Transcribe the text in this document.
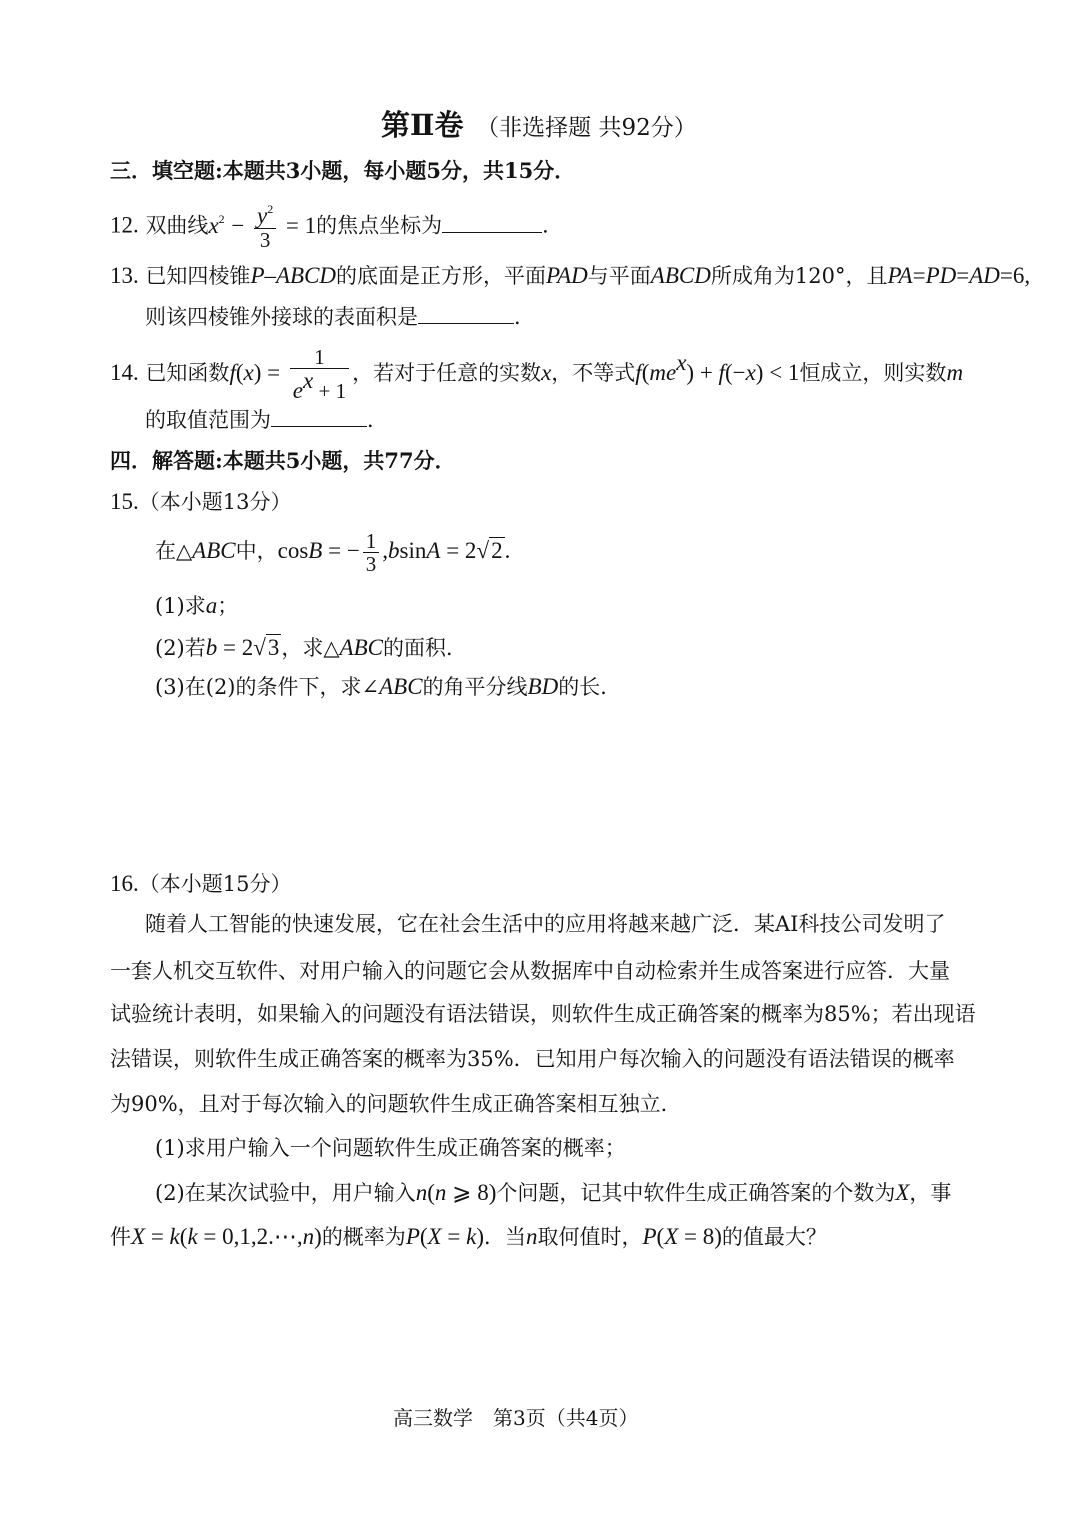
第Ⅱ卷 （非选择题 共92分）
三．填空题:本题共3小题，每小题5分，共15分．
12. 双曲线$x^2 - \frac{y^2}{3} = 1$的焦点坐标为	．
13. 已知四棱锥P–ABCD的底面是正方形，平面PAD与平面ABCD所成角为120°，且PA=PD=AD=6,
则该四棱锥外接球的表面积是	．
14. 已知函数$f(x) = \frac{1}{e^x + 1}$ ，若对于任意的实数x，不等式$f(me^x) + f(-x) < 1$恒成立，则实数m
的取值范围为	．
四．解答题:本题共5小题，共77分．
15.（本小题13分）
在△ABC中，cosB = − $\frac{1}{3} ,bsinA = 2√2$.
(1)求a；
(2)若b = 2√3，求△ABC的面积．
(3)在(2)的条件下，求∠ABC的角平分线BD的长．
16.（本小题15分）
随着人工智能的快速发展，它在社会生活中的应用将越来越广泛．某AI科技公司发明了
一套人机交互软件、对用户输入的问题它会从数据库中自动检索并生成答案进行应答．大量
试验统计表明，如果输入的问题没有语法错误，则软件生成正确答案的概率为85%；若出现语
法错误，则软件生成正确答案的概率为35%．已知用户每次输入的问题没有语法错误的概率
为90%，且对于每次输入的问题软件生成正确答案相互独立．
(1)求用户输入一个问题软件生成正确答案的概率；
(2)在某次试验中，用户输入n(n ⩾ 8)个问题，记其中软件生成正确答案的个数为X，事
件X = k(k = 0,1,2.⋯,n)的概率为P(X = k)．当n取何值时，P(X = 8)的值最大？
高三数学　第3页（共4页）
